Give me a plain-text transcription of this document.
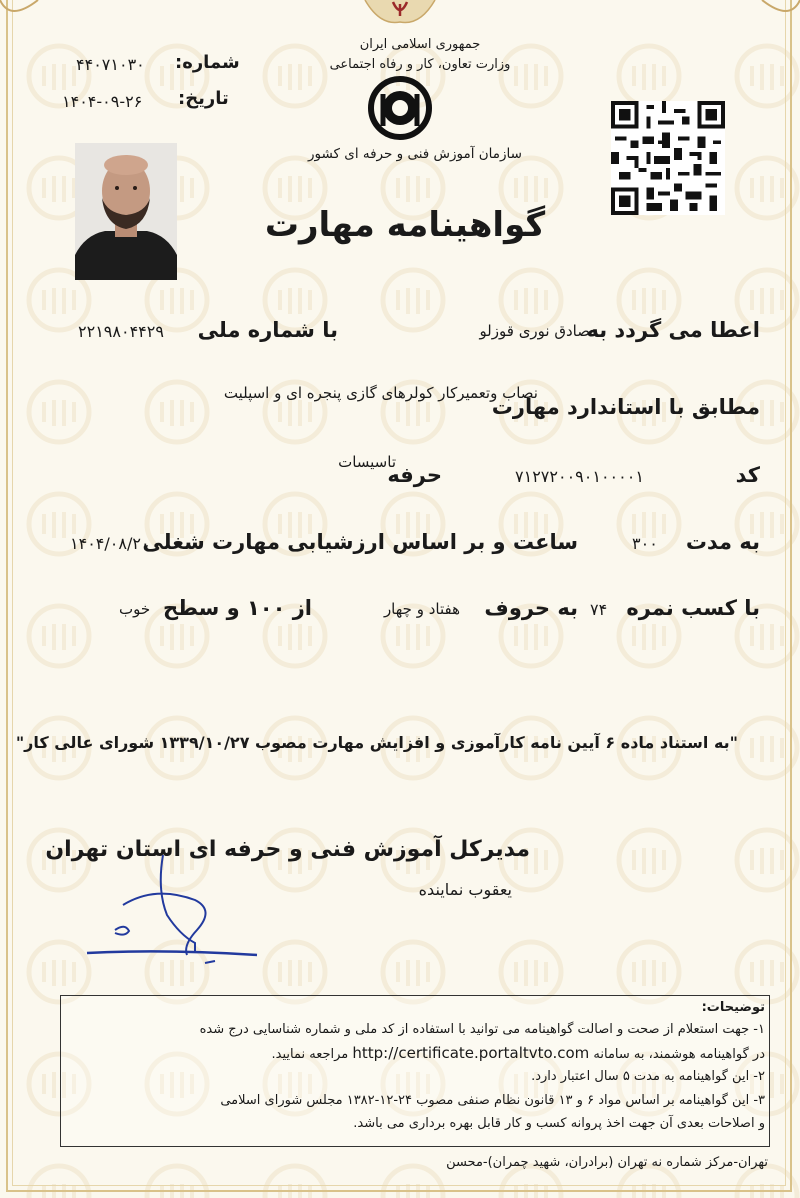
شماره:
۴۴۰۷۱۰۳۰
تاریخ:
۱۴۰۴-۰۹-۲۶
جمهوری اسلامی ایران
وزارت تعاون، کار و رفاه اجتماعی
سازمان آموزش فنی و حرفه ای کشور
گواهینامه مهارت
اعطا می گردد به
صادق نوری قوزلو
با شماره ملی
۲۲۱۹۸۰۴۴۲۹
نصاب وتعمیرکار کولرهای گازی پنجره ای و اسپلیت
مطابق با استاندارد مهارت
کد
۷۱۲۷۲۰۰۹۰۱۰۰۰۰۱
حرفه
تاسیسات
به مدت
۳۰۰
ساعت و بر اساس ارزشیابی مهارت شغلی
۱۴۰۴/۰۸/۲۰
با کسب نمره
۷۴
به حروف
هفتاد و چهار
از ۱۰۰ و سطح
خوب
"به استناد ماده ۶ آیین نامه کارآموزی و افزایش مهارت مصوب ۱۳۳۹/۱۰/۲۷ شورای عالی کار"
مدیرکل آموزش فنی و حرفه ای استان تهران
یعقوب نماینده
توضیحات:
۱- جهت استعلام از صحت و اصالت گواهینامه می توانید با استفاده از کد ملی و شماره شناسایی درج شده
در گواهینامه هوشمند، به سامانه http://certificate.portaltvto.com مراجعه نمایید.
۲- این گواهینامه به مدت ۵ سال اعتبار دارد.
۳- این گواهینامه بر اساس مواد ۶ و ۱۳ قانون نظام صنفی مصوب ۲۴-۱۲-۱۳۸۲ مجلس شورای اسلامی
و اصلاحات بعدی آن جهت اخذ پروانه کسب و کار قابل بهره برداری می باشد.
تهران-مرکز شماره نه تهران (برادران، شهید چمران)-محسن
